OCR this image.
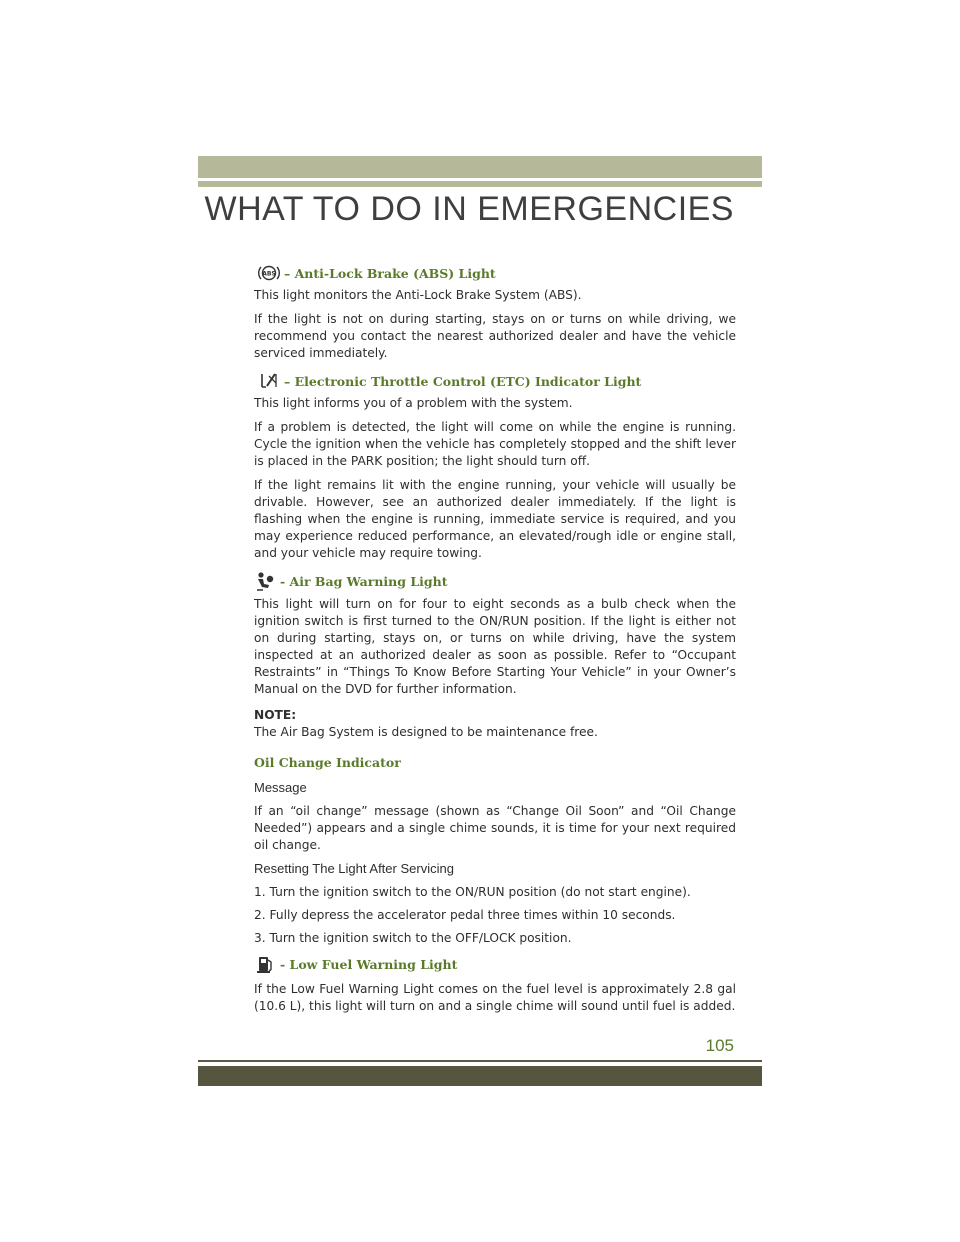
WHAT TO DO IN EMERGENCIES
ABS – Anti-Lock Brake (ABS) Light

This light monitors the Anti-Lock Brake System (ABS).

If the light is not on during starting, stays on or turns on while driving, we recommend you contact the nearest authorized dealer and have the vehicle serviced immediately.

– Electronic Throttle Control (ETC) Indicator Light

This light informs you of a problem with the system.

If a problem is detected, the light will come on while the engine is running. Cycle the ignition when the vehicle has completely stopped and the shift lever is placed in the PARK position; the light should turn off.

If the light remains lit with the engine running, your vehicle will usually be drivable. However, see an authorized dealer immediately. If the light is flashing when the engine is running, immediate service is required, and you may experience reduced performance, an elevated/rough idle or engine stall, and your vehicle may require towing.

- Air Bag Warning Light

This light will turn on for four to eight seconds as a bulb check when the ignition switch is first turned to the ON/RUN position. If the light is either not on during starting, stays on, or turns on while driving, have the system inspected at an authorized dealer as soon as possible. Refer to “Occupant Restraints” in “Things To Know Before Starting Your Vehicle” in your Owner’s Manual on the DVD for further information.

NOTE:

The Air Bag System is designed to be maintenance free.

Oil Change Indicator
Message

If an “oil change” message (shown as “Change Oil Soon” and “Oil Change Needed”) appears and a single chime sounds, it is time for your next required oil change.

Resetting The Light After Servicing

1. Turn the ignition switch to the ON/RUN position (do not start engine).

2. Fully depress the accelerator pedal three times within 10 seconds.

3. Turn the ignition switch to the OFF/LOCK position.

- Low Fuel Warning Light

If the Low Fuel Warning Light comes on the fuel level is approximately 2.8 gal (10.6 L), this light will turn on and a single chime will sound until fuel is added.

105
